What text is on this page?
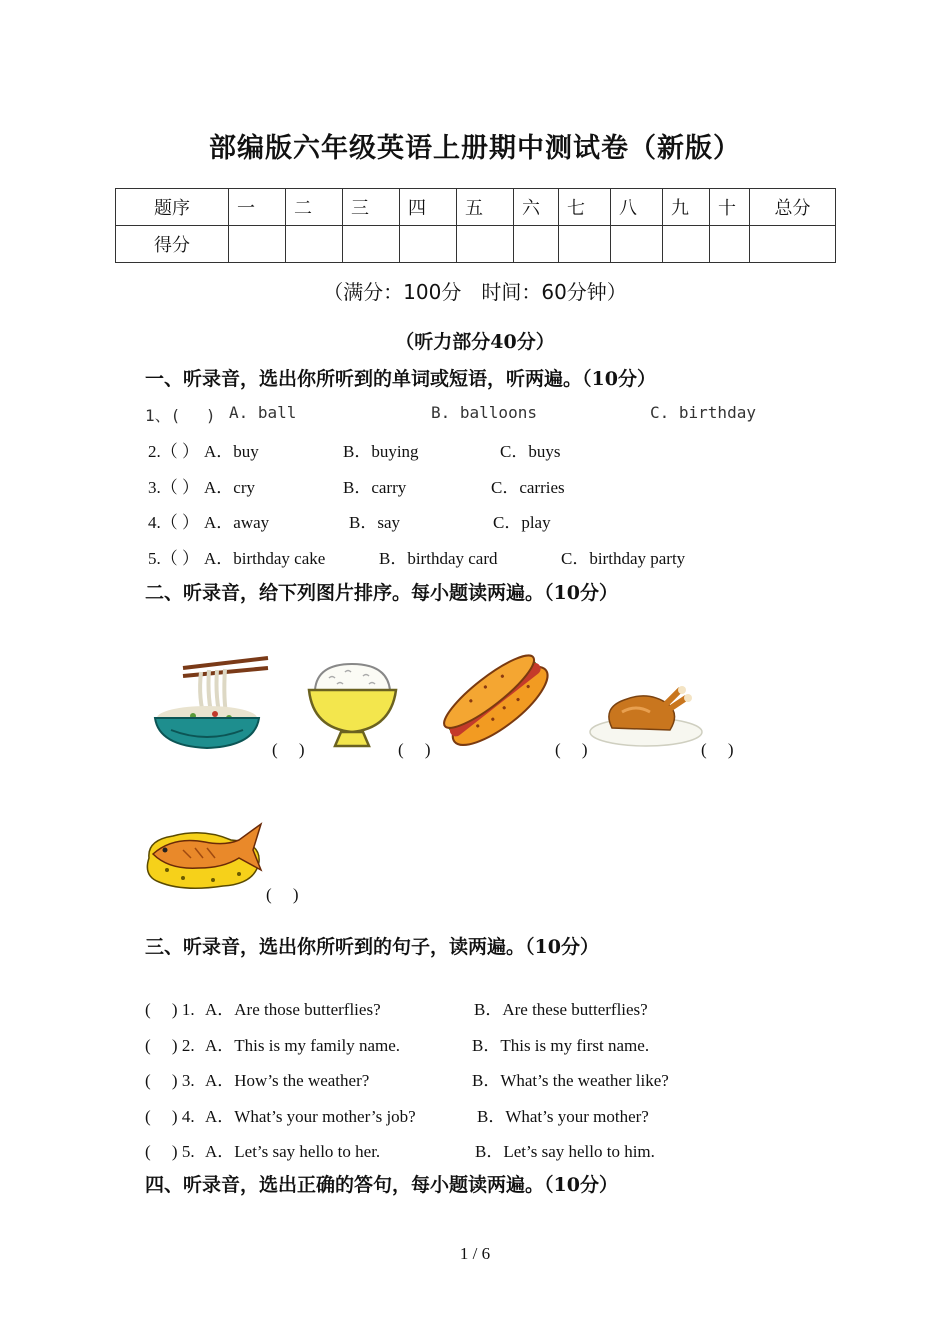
部编版六年级英语上册期中测试卷（新版）
题序	一	二	三	四	五	六	七	八	九	十	总分
得分											
（满分：100分　时间：60分钟）
（听力部分40分）
一、听录音，选出你所听到的单词或短语，听两遍。（10分）
1、(　 ) A. ball	B. balloons	C. birthday
2.（ ） A．buy	B．buying	C．buys
3.（ ） A．cry	B．carry	C．carries
4.（ ） A．away	B．say	C．play
5.（ ） A．birthday cake	B．birthday card	C．birthday party
二、听录音，给下列图片排序。每小题读两遍。（10分）
(　 )	(　 )	(　 )	(　 )
(　 )
三、听录音，选出你所听到的句子，读两遍。（10分）
(　 ) 1. A．Are those butterflies?	B．Are these butterflies?
(　 ) 2. A．This is my family name.	B．This is my first name.
(　 ) 3. A．How’s the weather?	B．What’s the weather like?
(　 ) 4. A．What’s your mother’s job?	B．What’s your mother?
(　 ) 5. A．Let’s say hello to her.	B．Let’s say hello to him.
四、听录音，选出正确的答句，每小题读两遍。（10分）
1 / 6
